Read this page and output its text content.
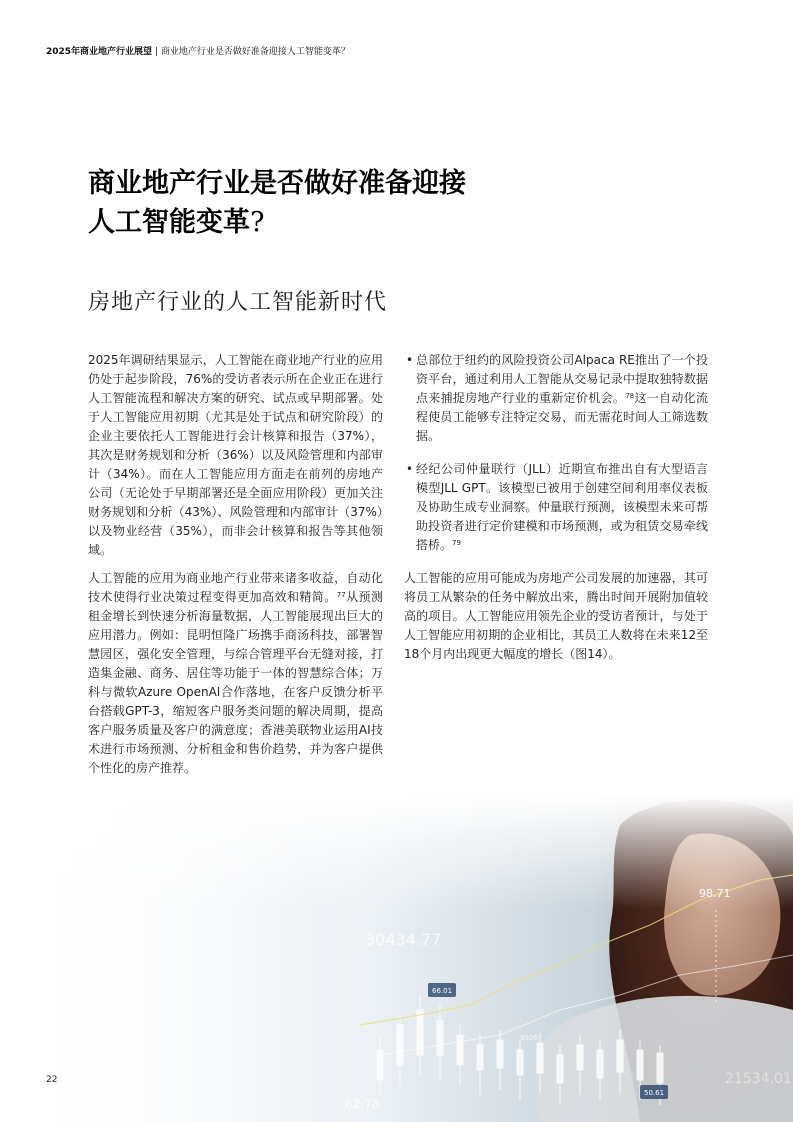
2025年商业地产行业展望 | 商业地产行业是否做好准备迎接人工智能变革？
商业地产行业是否做好准备迎接
人工智能变革?
房地产行业的人工智能新时代

2025年调研结果显示，人工智能在商业地产行业的应用仍处于起步阶段，76%的受访者表示所在企业正在进行人工智能流程和解决方案的研究、试点或早期部署。处于人工智能应用初期（尤其是处于试点和研究阶段）的企业主要依托人工智能进行会计核算和报告（37%），其次是财务规划和分析（36%）以及风险管理和内部审计（34%）。而在人工智能应用方面走在前列的房地产公司（无论处于早期部署还是全面应用阶段）更加关注财务规划和分析（43%）、风险管理和内部审计（37%）以及物业经营（35%），而非会计核算和报告等其他领域。

人工智能的应用为商业地产行业带来诸多收益，自动化技术使得行业决策过程变得更加高效和精简。$^{77}$从预测租金增长到快速分析海量数据，人工智能展现出巨大的应用潜力。例如：昆明恒隆广场携手商汤科技，部署智慧园区，强化安全管理，与综合管理平台无缝对接，打造集金融、商务、居住等功能于一体的智慧综合体；万科与微软Azure OpenAI合作落地，在客户反馈分析平台搭载GPT-3，缩短客户服务类问题的解决周期，提高客户服务质量及客户的满意度；香港美联物业运用AI技术进行市场预测、分析租金和售价趋势，并为客户提供个性化的房产推荐。

• 总部位于纽约的风险投资公司Alpaca RE推出了一个投资平台，通过利用人工智能从交易记录中提取独特数据点来捕捉房地产行业的重新定价机会。$^{78}$这一自动化流程使员工能够专注特定交易，而无需花时间人工筛选数据。
• 经纪公司仲量联行（JLL）近期宣布推出自有大型语言模型JLL GPT。该模型已被用于创建空间利用率仪表板及协助生成专业洞察。仲量联行预测，该模型未来可帮助投资者进行定价建模和市场预测，或为租赁交易牵线搭桥。$^{79}$

人工智能的应用可能成为房地产公司发展的加速器，其可将员工从繁杂的任务中解放出来，腾出时间开展附加值较高的项目。人工智能应用领先企业的受访者预计，与处于人工智能应用初期的企业相比，其员工人数将在未来12至18个月内出现更大幅度的增长（图14）。

22
